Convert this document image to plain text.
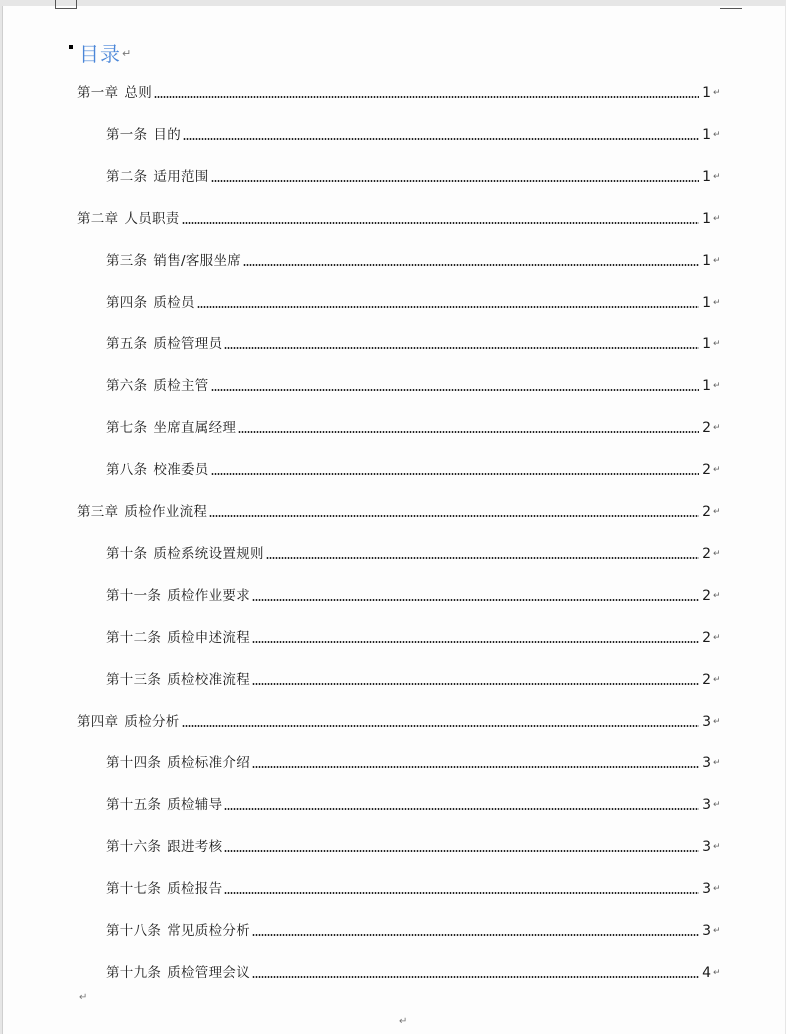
目录 ↵
第一章 总则	1 ↵
第一条 目的	1 ↵
第二条 适用范围	1 ↵
第二章 人员职责	1 ↵
第三条 销售/客服坐席	1 ↵
第四条 质检员	1 ↵
第五条 质检管理员	1 ↵
第六条 质检主管	1 ↵
第七条 坐席直属经理	2 ↵
第八条 校准委员	2 ↵
第三章 质检作业流程	2 ↵
第十条 质检系统设置规则	2 ↵
第十一条 质检作业要求	2 ↵
第十二条 质检申述流程	2 ↵
第十三条 质检校准流程	2 ↵
第四章 质检分析	3 ↵
第十四条 质检标准介绍	3 ↵
第十五条 质检辅导	3 ↵
第十六条 跟进考核	3 ↵
第十七条 质检报告	3 ↵
第十八条 常见质检分析	3 ↵
第十九条 质检管理会议	4 ↵
↵
↵
